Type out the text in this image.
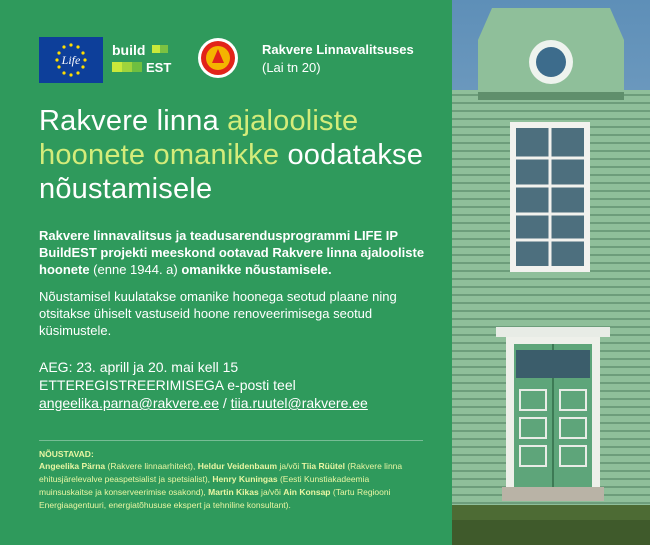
Life
build
EST
Rakvere Linnavalitsuses
(Lai tn 20)
Rakvere linna ajalooliste hoonete omanikke oodatakse nõustamisele
Rakvere linnavalitsus ja teadusarendusprogrammi LIFE IP BuildEST projekti meeskond ootavad Rakvere linna ajalooliste hoonete (enne 1944. a) omanikke nõustamisele.
Nõustamisel kuulatakse omanike hoonega seotud plaane ning otsitakse ühiselt vastuseid hoone renoveerimisega seotud küsimustele.
AEG: 23. aprill ja 20. mai kell 15
ETTEREGISTREERIMISEGA e-posti teel
angeelika.parna@rakvere.ee / tiia.ruutel@rakvere.ee
NÕUSTAVAD:
Angeelika Pärna (Rakvere linnaarhitekt), Heldur Veidenbaum ja/või Tiia Rüütel (Rakvere linna ehitusjärelevalve peaspetsialist ja spetsialist), Henry Kuningas (Eesti Kunstiakadeemia muinsuskaitse ja konserveerimise osakond), Martin Kikas ja/või Ain Konsap (Tartu Regiooni Energiaagentuuri, energiatõhususe ekspert ja tehniline konsultant).
